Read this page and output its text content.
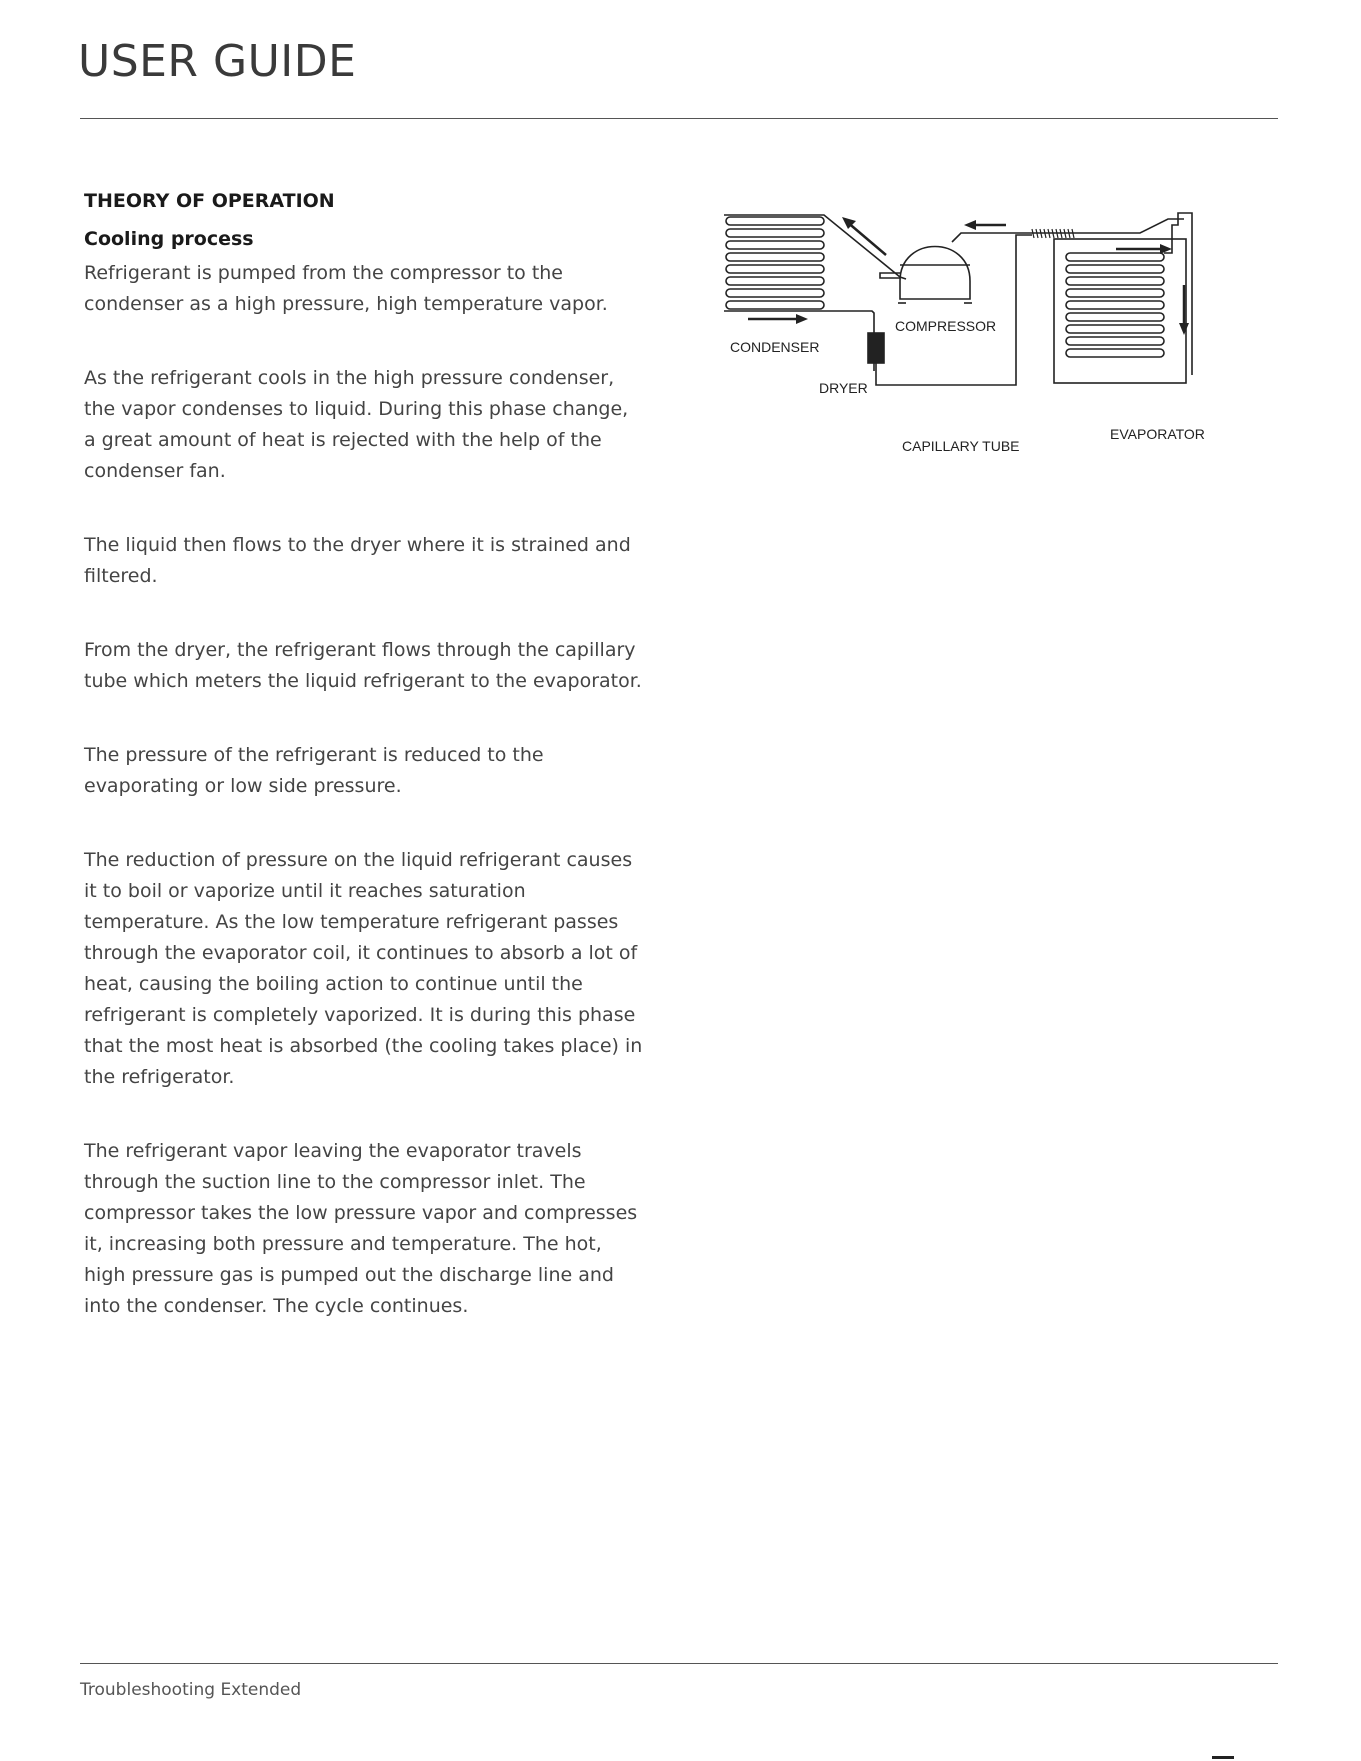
USER GUIDE
THEORY OF OPERATION
Cooling process

Refrigerant is pumped from the compressor to the
condenser as a high pressure, high temperature vapor.

As the refrigerant cools in the high pressure condenser,
the vapor condenses to liquid. During this phase change,
a great amount of heat is rejected with the help of the
condenser fan.

The liquid then flows to the dryer where it is strained and
filtered.

From the dryer, the refrigerant flows through the capillary
tube which meters the liquid refrigerant to the evaporator.

The pressure of the refrigerant is reduced to the
evaporating or low side pressure.

The reduction of pressure on the liquid refrigerant causes
it to boil or vaporize until it reaches saturation
temperature. As the low temperature refrigerant passes
through the evaporator coil, it continues to absorb a lot of
heat, causing the boiling action to continue until the
refrigerant is completely vaporized. It is during this phase
that the most heat is absorbed (the cooling takes place) in
the refrigerator.

The refrigerant vapor leaving the evaporator travels
through the suction line to the compressor inlet. The
compressor takes the low pressure vapor and compresses
it, increasing both pressure and temperature. The hot,
high pressure gas is pumped out the discharge line and
into the condenser. The cycle continues.

COMPRESSOR
CONDENSER
DRYER
CAPILLARY TUBE
EVAPORATOR
Troubleshooting Extended
